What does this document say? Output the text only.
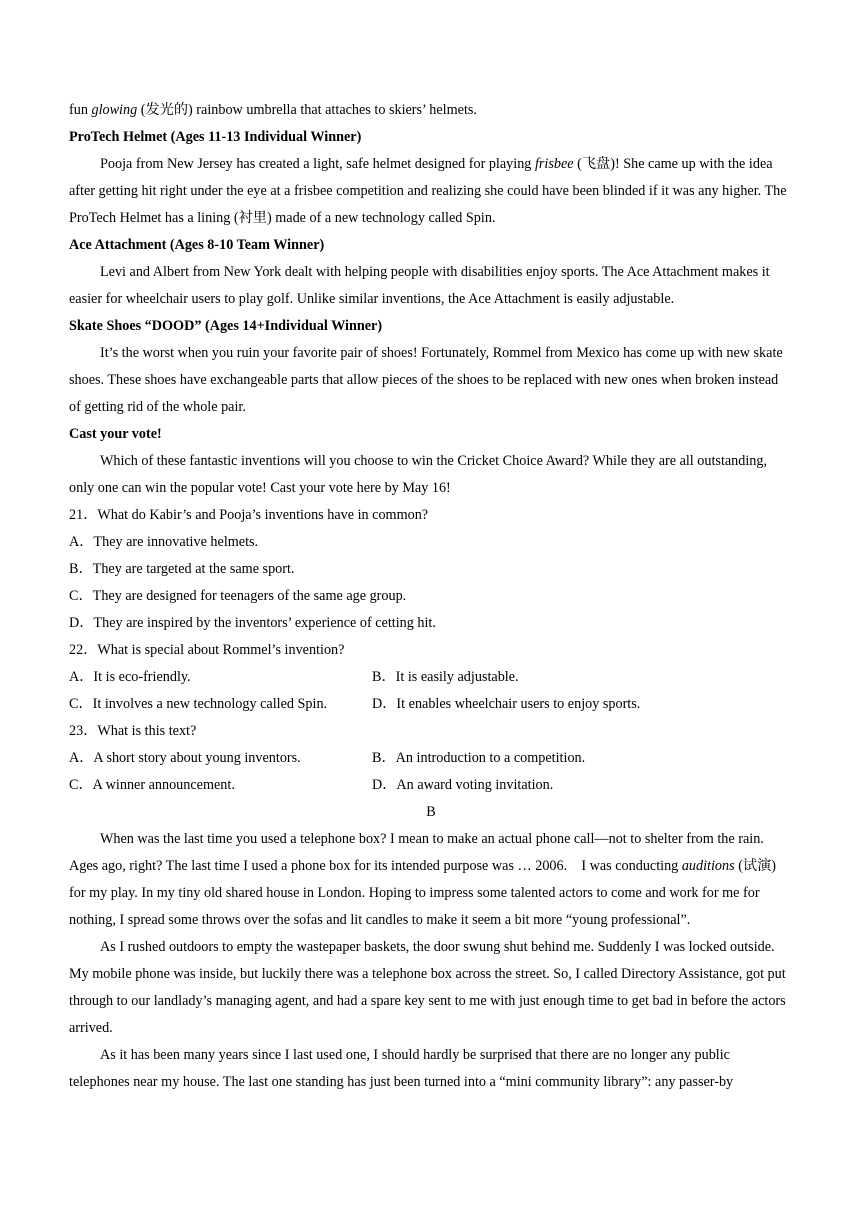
fun glowing (发光的) rainbow umbrella that attaches to skiers’ helmets.

ProTech Helmet (Ages 11-13 Individual Winner)

Pooja from New Jersey has created a light, safe helmet designed for playing frisbee (飞盘)! She came up with the idea after getting hit right under the eye at a frisbee competition and realizing she could have been blinded if it was any higher. The ProTech Helmet has a lining (衬里) made of a new technology called Spin.

Ace Attachment (Ages 8-10 Team Winner)

Levi and Albert from New York dealt with helping people with disabilities enjoy sports. The Ace Attachment makes it easier for wheelchair users to play golf. Unlike similar inventions, the Ace Attachment is easily adjustable.

Skate Shoes “DOOD” (Ages 14+Individual Winner)

It’s the worst when you ruin your favorite pair of shoes! Fortunately, Rommel from Mexico has come up with new skate shoes. These shoes have exchangeable parts that allow pieces of the shoes to be replaced with new ones when broken instead of getting rid of the whole pair.

Cast your vote!

Which of these fantastic inventions will you choose to win the Cricket Choice Award? While they are all outstanding, only one can win the popular vote! Cast your vote here by May 16!

21．What do Kabir’s and Pooja’s inventions have in common?
A．They are innovative helmets.
B．They are targeted at the same sport.
C．They are designed for teenagers of the same age group.
D．They are inspired by the inventors’ experience of cetting hit.
22．What is special about Rommel’s invention?
A．It is eco-friendly.	B．It is easily adjustable.
C．It involves a new technology called Spin.	D．It enables wheelchair users to enjoy sports.
23．What is this text?
A．A short story about young inventors.	B．An introduction to a competition.
C．A winner announcement.	D．An award voting invitation.

B

When was the last time you used a telephone box? I mean to make an actual phone call—not to shelter from the rain. Ages ago, right? The last time I used a phone box for its intended purpose was … 2006.    I was conducting auditions (试演) for my play. In my tiny old shared house in London. Hoping to impress some talented actors to come and work for me for nothing, I spread some throws over the sofas and lit candles to make it seem a bit more “young professional”.

As I rushed outdoors to empty the wastepaper baskets, the door swung shut behind me. Suddenly I was locked outside. My mobile phone was inside, but luckily there was a telephone box across the street. So, I called Directory Assistance, got put through to our landlady’s managing agent, and had a spare key sent to me with just enough time to get bad in before the actors arrived.

As it has been many years since I last used one, I should hardly be surprised that there are no longer any public telephones near my house. The last one standing has just been turned into a “mini community library”: any passer-by
